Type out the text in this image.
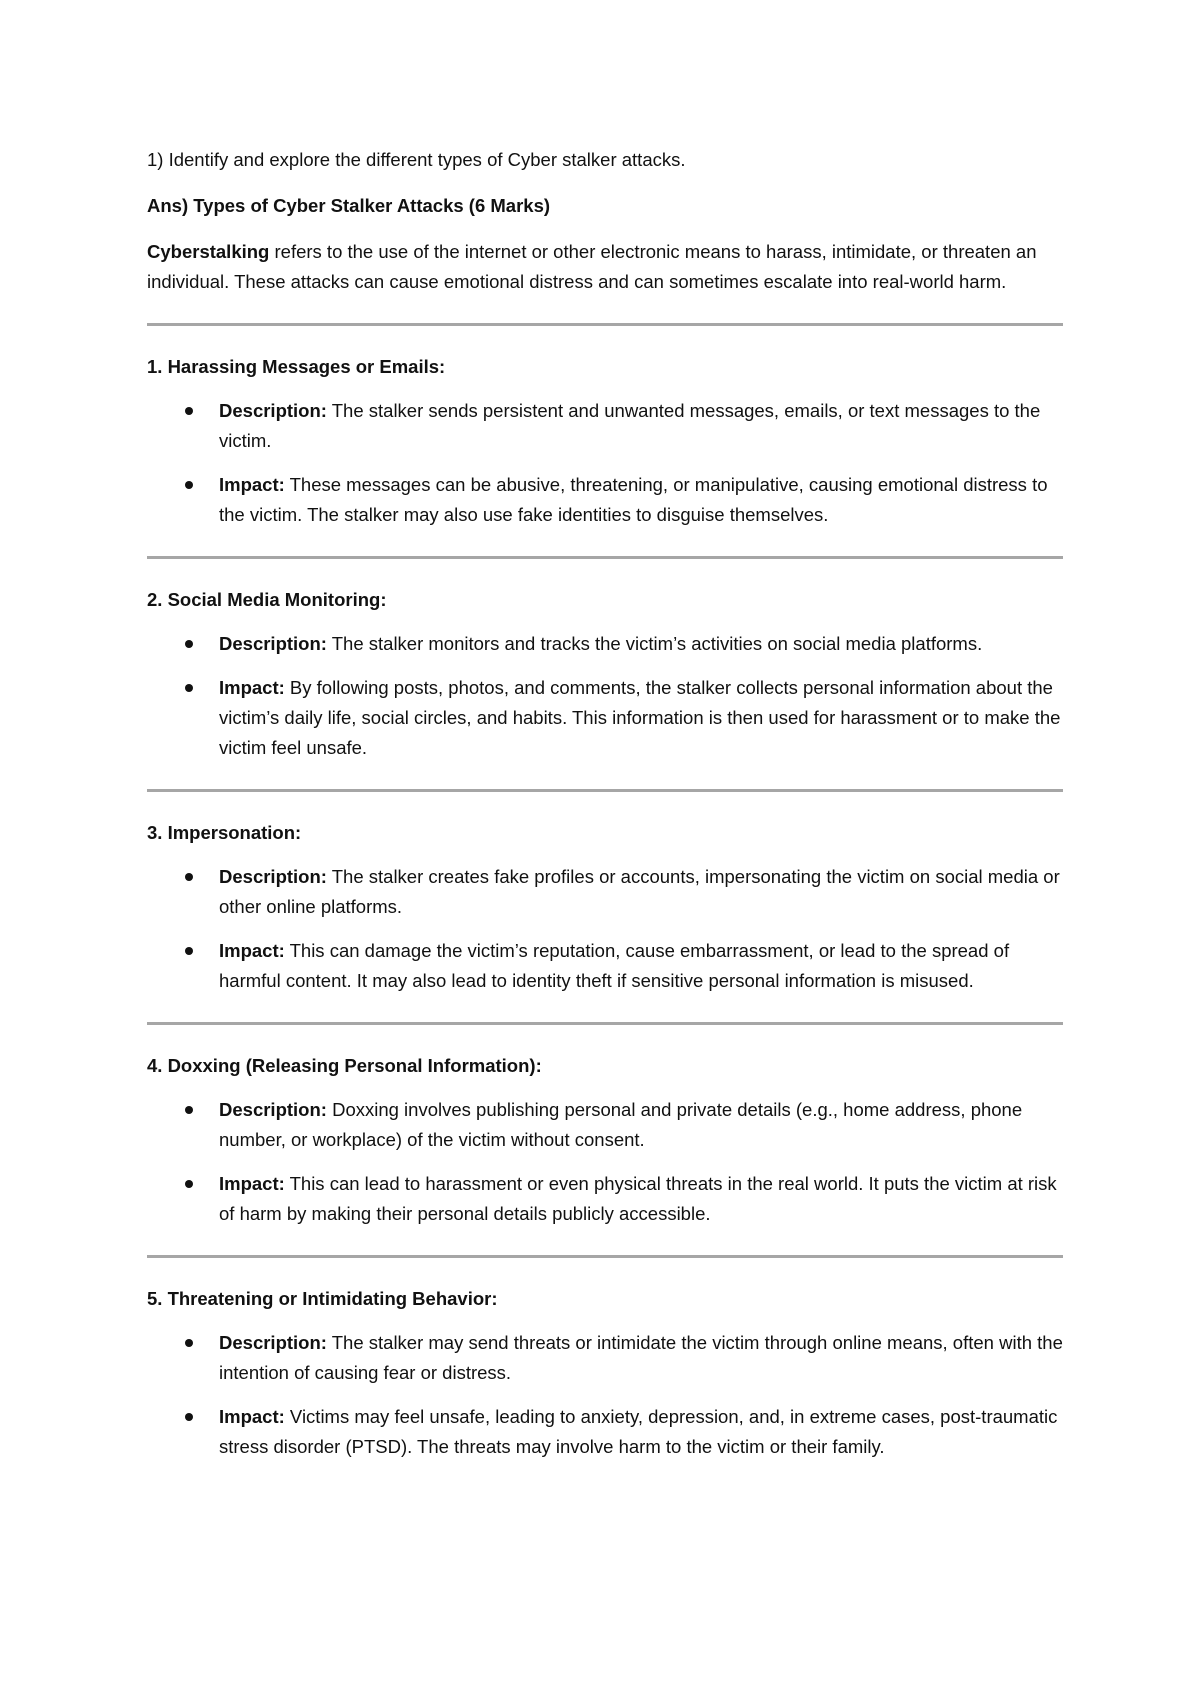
1) Identify and explore the different types of Cyber stalker attacks.

Ans) Types of Cyber Stalker Attacks (6 Marks)

Cyberstalking refers to the use of the internet or other electronic means to harass, intimidate, or threaten an individual. These attacks can cause emotional distress and can sometimes escalate into real-world harm.

1. Harassing Messages or Emails:

Description: The stalker sends persistent and unwanted messages, emails, or text messages to the victim.
Impact: These messages can be abusive, threatening, or manipulative, causing emotional distress to the victim. The stalker may also use fake identities to disguise themselves.

2. Social Media Monitoring:

Description: The stalker monitors and tracks the victim’s activities on social media platforms.
Impact: By following posts, photos, and comments, the stalker collects personal information about the victim’s daily life, social circles, and habits. This information is then used for harassment or to make the victim feel unsafe.

3. Impersonation:

Description: The stalker creates fake profiles or accounts, impersonating the victim on social media or other online platforms.
Impact: This can damage the victim’s reputation, cause embarrassment, or lead to the spread of harmful content. It may also lead to identity theft if sensitive personal information is misused.

4. Doxxing (Releasing Personal Information):

Description: Doxxing involves publishing personal and private details (e.g., home address, phone number, or workplace) of the victim without consent.
Impact: This can lead to harassment or even physical threats in the real world. It puts the victim at risk of harm by making their personal details publicly accessible.

5. Threatening or Intimidating Behavior:

Description: The stalker may send threats or intimidate the victim through online means, often with the intention of causing fear or distress.
Impact: Victims may feel unsafe, leading to anxiety, depression, and, in extreme cases, post-traumatic stress disorder (PTSD). The threats may involve harm to the victim or their family.
